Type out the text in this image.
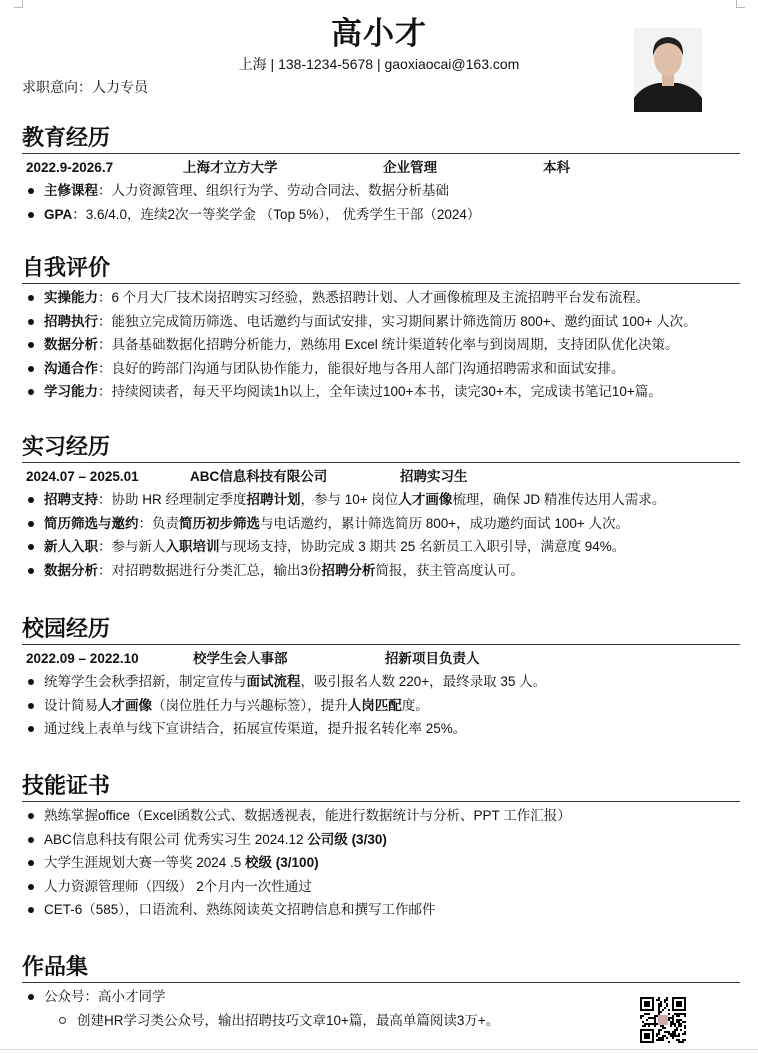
高小才
上海 | 138-1234-5678 | gaoxiaocai@163.com
求职意向：人力专员
教育经历
2022.9-2026.7	上海才立方大学	企业管理	本科
主修课程：人力资源管理、组织行为学、劳动合同法、数据分析基础
GPA：3.6/4.0，连续2次一等奖学金 （Top 5%）， 优秀学生干部（2024）
自我评价
实操能力：6 个月大厂技术岗招聘实习经验，熟悉招聘计划、人才画像梳理及主流招聘平台发布流程。
招聘执行：能独立完成简历筛选、电话邀约与面试安排，实习期间累计筛选简历 800+、邀约面试 100+ 人次。
数据分析：具备基础数据化招聘分析能力，熟练用 Excel 统计渠道转化率与到岗周期，支持团队优化决策。
沟通合作：良好的跨部门沟通与团队协作能力，能很好地与各用人部门沟通招聘需求和面试安排。
学习能力：持续阅读者，每天平均阅读1h以上，全年读过100+本书，读完30+本，完成读书笔记10+篇。
实习经历
2024.07 – 2025.01	ABC信息科技有限公司	招聘实习生
招聘支持：协助 HR 经理制定季度招聘计划，参与 10+ 岗位人才画像梳理，确保 JD 精准传达用人需求。
简历筛选与邀约：负责简历初步筛选与电话邀约，累计筛选简历 800+，成功邀约面试 100+ 人次。
新人入职：参与新人入职培训与现场支持，协助完成 3 期共 25 名新员工入职引导，满意度 94%。
数据分析：对招聘数据进行分类汇总，输出3份招聘分析简报，获主管高度认可。
校园经历
2022.09 – 2022.10	校学生会人事部	招新项目负责人
统筹学生会秋季招新，制定宣传与面试流程，吸引报名人数 220+，最终录取 35 人。
设计简易人才画像（岗位胜任力与兴趣标签），提升人岗匹配度。
通过线上表单与线下宣讲结合，拓展宣传渠道，提升报名转化率 25%。
技能证书
熟练掌握office（Excel函数公式、数据透视表，能进行数据统计与分析、PPT 工作汇报）
ABC信息科技有限公司 优秀实习生 2024.12 公司级 (3/30)
大学生涯规划大赛一等奖 2024 .5 校级 (3/100)
人力资源管理师（四级） 2个月内一次性通过
CET-6（585），口语流利、熟练阅读英文招聘信息和撰写工作邮件
作品集
公众号：高小才同学
创建HR学习类公众号，输出招聘技巧文章10+篇，最高单篇阅读3万+。
